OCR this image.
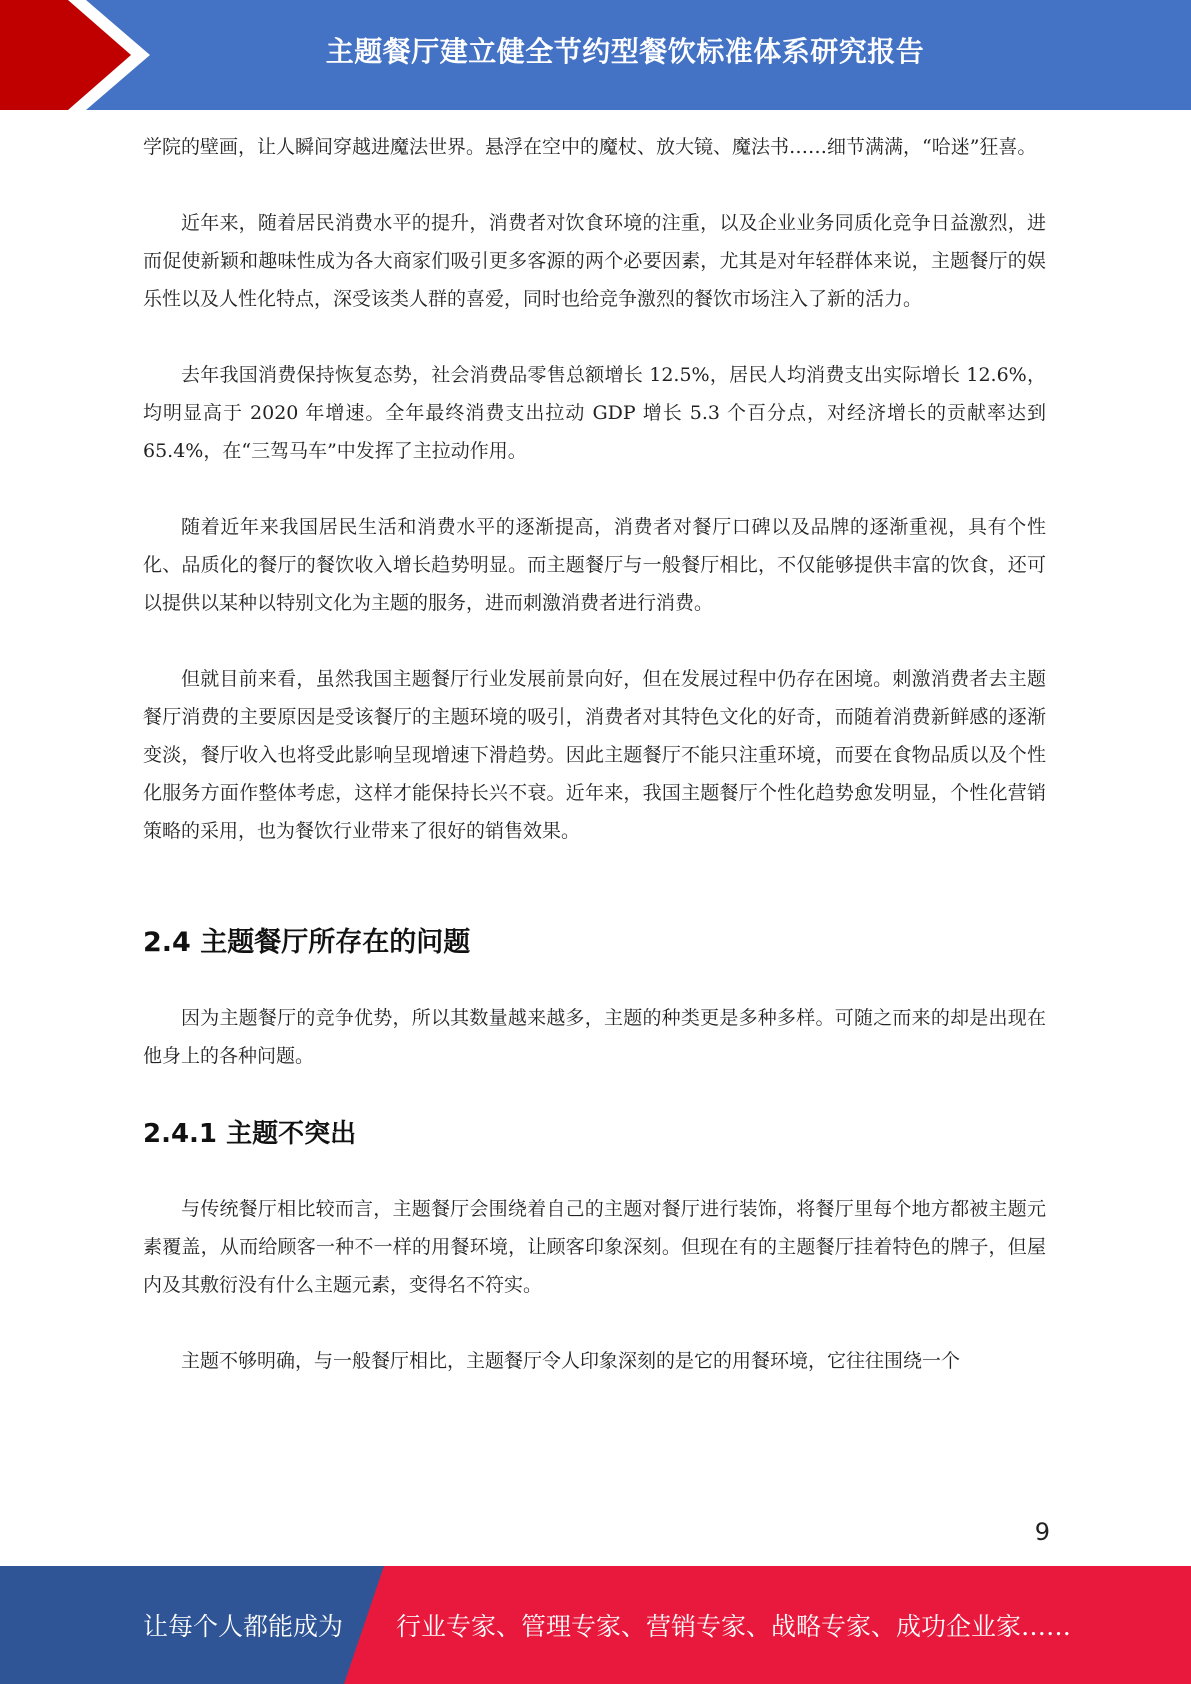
主题餐厅建立健全节约型餐饮标准体系研究报告

学院的壁画，让人瞬间穿越进魔法世界。悬浮在空中的魔杖、放大镜、魔法书……细节满满，“哈迷”狂喜。

近年来，随着居民消费水平的提升，消费者对饮食环境的注重，以及企业业务同质化竞争日益激烈，进而促使新颖和趣味性成为各大商家们吸引更多客源的两个必要因素，尤其是对年轻群体来说，主题餐厅的娱乐性以及人性化特点，深受该类人群的喜爱，同时也给竞争激烈的餐饮市场注入了新的活力。

去年我国消费保持恢复态势，社会消费品零售总额增长 12.5%，居民人均消费支出实际增长 12.6%，均明显高于 2020 年增速。全年最终消费支出拉动 GDP 增长 5.3 个百分点，对经济增长的贡献率达到 65.4%，在“三驾马车”中发挥了主拉动作用。

随着近年来我国居民生活和消费水平的逐渐提高，消费者对餐厅口碑以及品牌的逐渐重视，具有个性化、品质化的餐厅的餐饮收入增长趋势明显。而主题餐厅与一般餐厅相比，不仅能够提供丰富的饮食，还可以提供以某种以特别文化为主题的服务，进而刺激消费者进行消费。

但就目前来看，虽然我国主题餐厅行业发展前景向好，但在发展过程中仍存在困境。刺激消费者去主题餐厅消费的主要原因是受该餐厅的主题环境的吸引，消费者对其特色文化的好奇，而随着消费新鲜感的逐渐变淡，餐厅收入也将受此影响呈现增速下滑趋势。因此主题餐厅不能只注重环境，而要在食物品质以及个性化服务方面作整体考虑，这样才能保持长兴不衰。近年来，我国主题餐厅个性化趋势愈发明显，个性化营销策略的采用，也为餐饮行业带来了很好的销售效果。

2.4 主题餐厅所存在的问题

因为主题餐厅的竞争优势，所以其数量越来越多，主题的种类更是多种多样。可随之而来的却是出现在他身上的各种问题。

2.4.1 主题不突出

与传统餐厅相比较而言，主题餐厅会围绕着自己的主题对餐厅进行装饰，将餐厅里每个地方都被主题元素覆盖，从而给顾客一种不一样的用餐环境，让顾客印象深刻。但现在有的主题餐厅挂着特色的牌子，但屋内及其敷衍没有什么主题元素，变得名不符实。

主题不够明确，与一般餐厅相比，主题餐厅令人印象深刻的是它的用餐环境，它往往围绕一个

9
让每个人都能成为 行业专家、管理专家、营销专家、战略专家、成功企业家……
